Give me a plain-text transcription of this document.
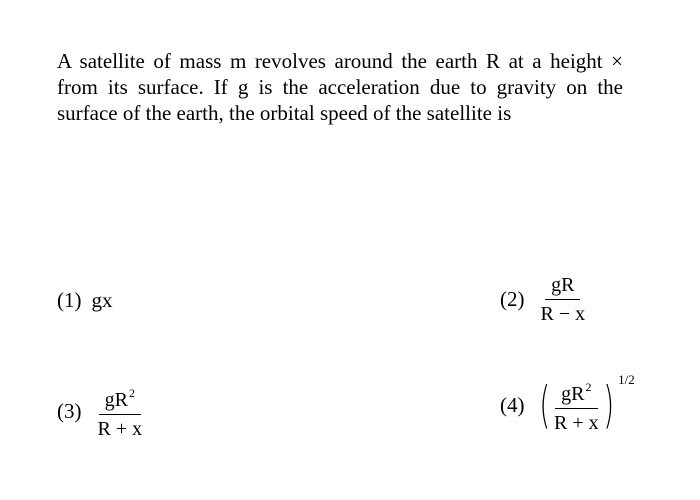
A satellite of mass m revolves around the earth R at a height ×

from its surface. If g is the acceleration due to gravity on the

surface of the earth, the orbital speed of the satellite is

(1) gx	$(2) \frac{gR}{R - x}$
$(3) \frac{gR^2}{R + x}$	(4) (
$\frac{gR^2}{R + x}$
) 1/2
